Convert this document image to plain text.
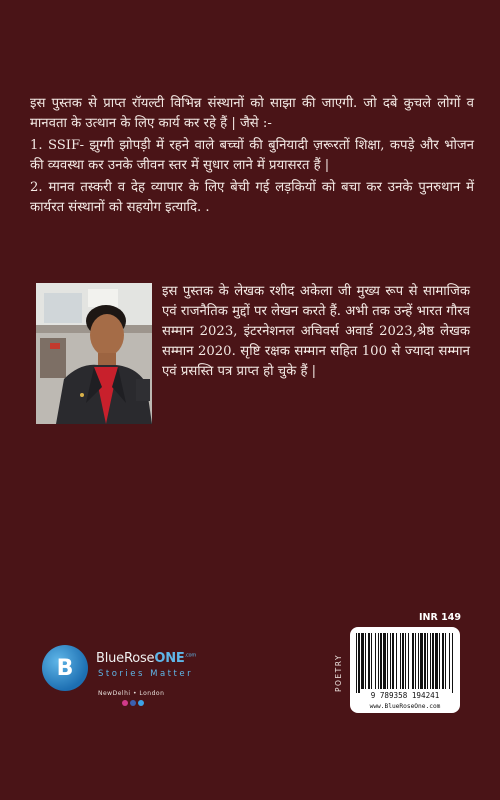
इस पुस्तक से प्राप्त रॉयल्टी विभिन्न संस्थानों को साझा की जाएगी. जो दबे कुचले लोगों व मानवता के उत्थान के लिए कार्य कर रहे हैं | जैसे :-

1. SSIF- झुग्गी झोपड़ी में रहने वाले बच्चों की बुनियादी ज़रूरतों शिक्षा, कपड़े और भोजन की व्यवस्था कर उनके जीवन स्तर में सुधार लाने में प्रयासरत हैं |

2. मानव तस्करी व देह व्यापार के लिए बेची गई लड़कियों को बचा कर उनके पुनरुथान में कार्यरत संस्थानों को सहयोग इत्यादि. .

इस पुस्तक के लेखक रशीद अकेला जी मुख्य रूप से सामाजिक एवं राजनैतिक मुद्दों पर लेखन करते हैं. अभी तक उन्हें भारत गौरव सम्मान 2023, इंटरनेशनल अचिवर्स अवार्ड 2023,श्रेष्ठ लेखक सम्मान 2020. सृष्टि रक्षक सम्मान सहित 100 से ज्यादा सम्मान एवं प्रसस्ति पत्र प्राप्त हो चुके हैं |
B BlueRoseONE$^{.com}$
Stories Matter
NewDelhi • London
INR 149
POETRY
9 789358 194241
www.BlueRoseOne.com
